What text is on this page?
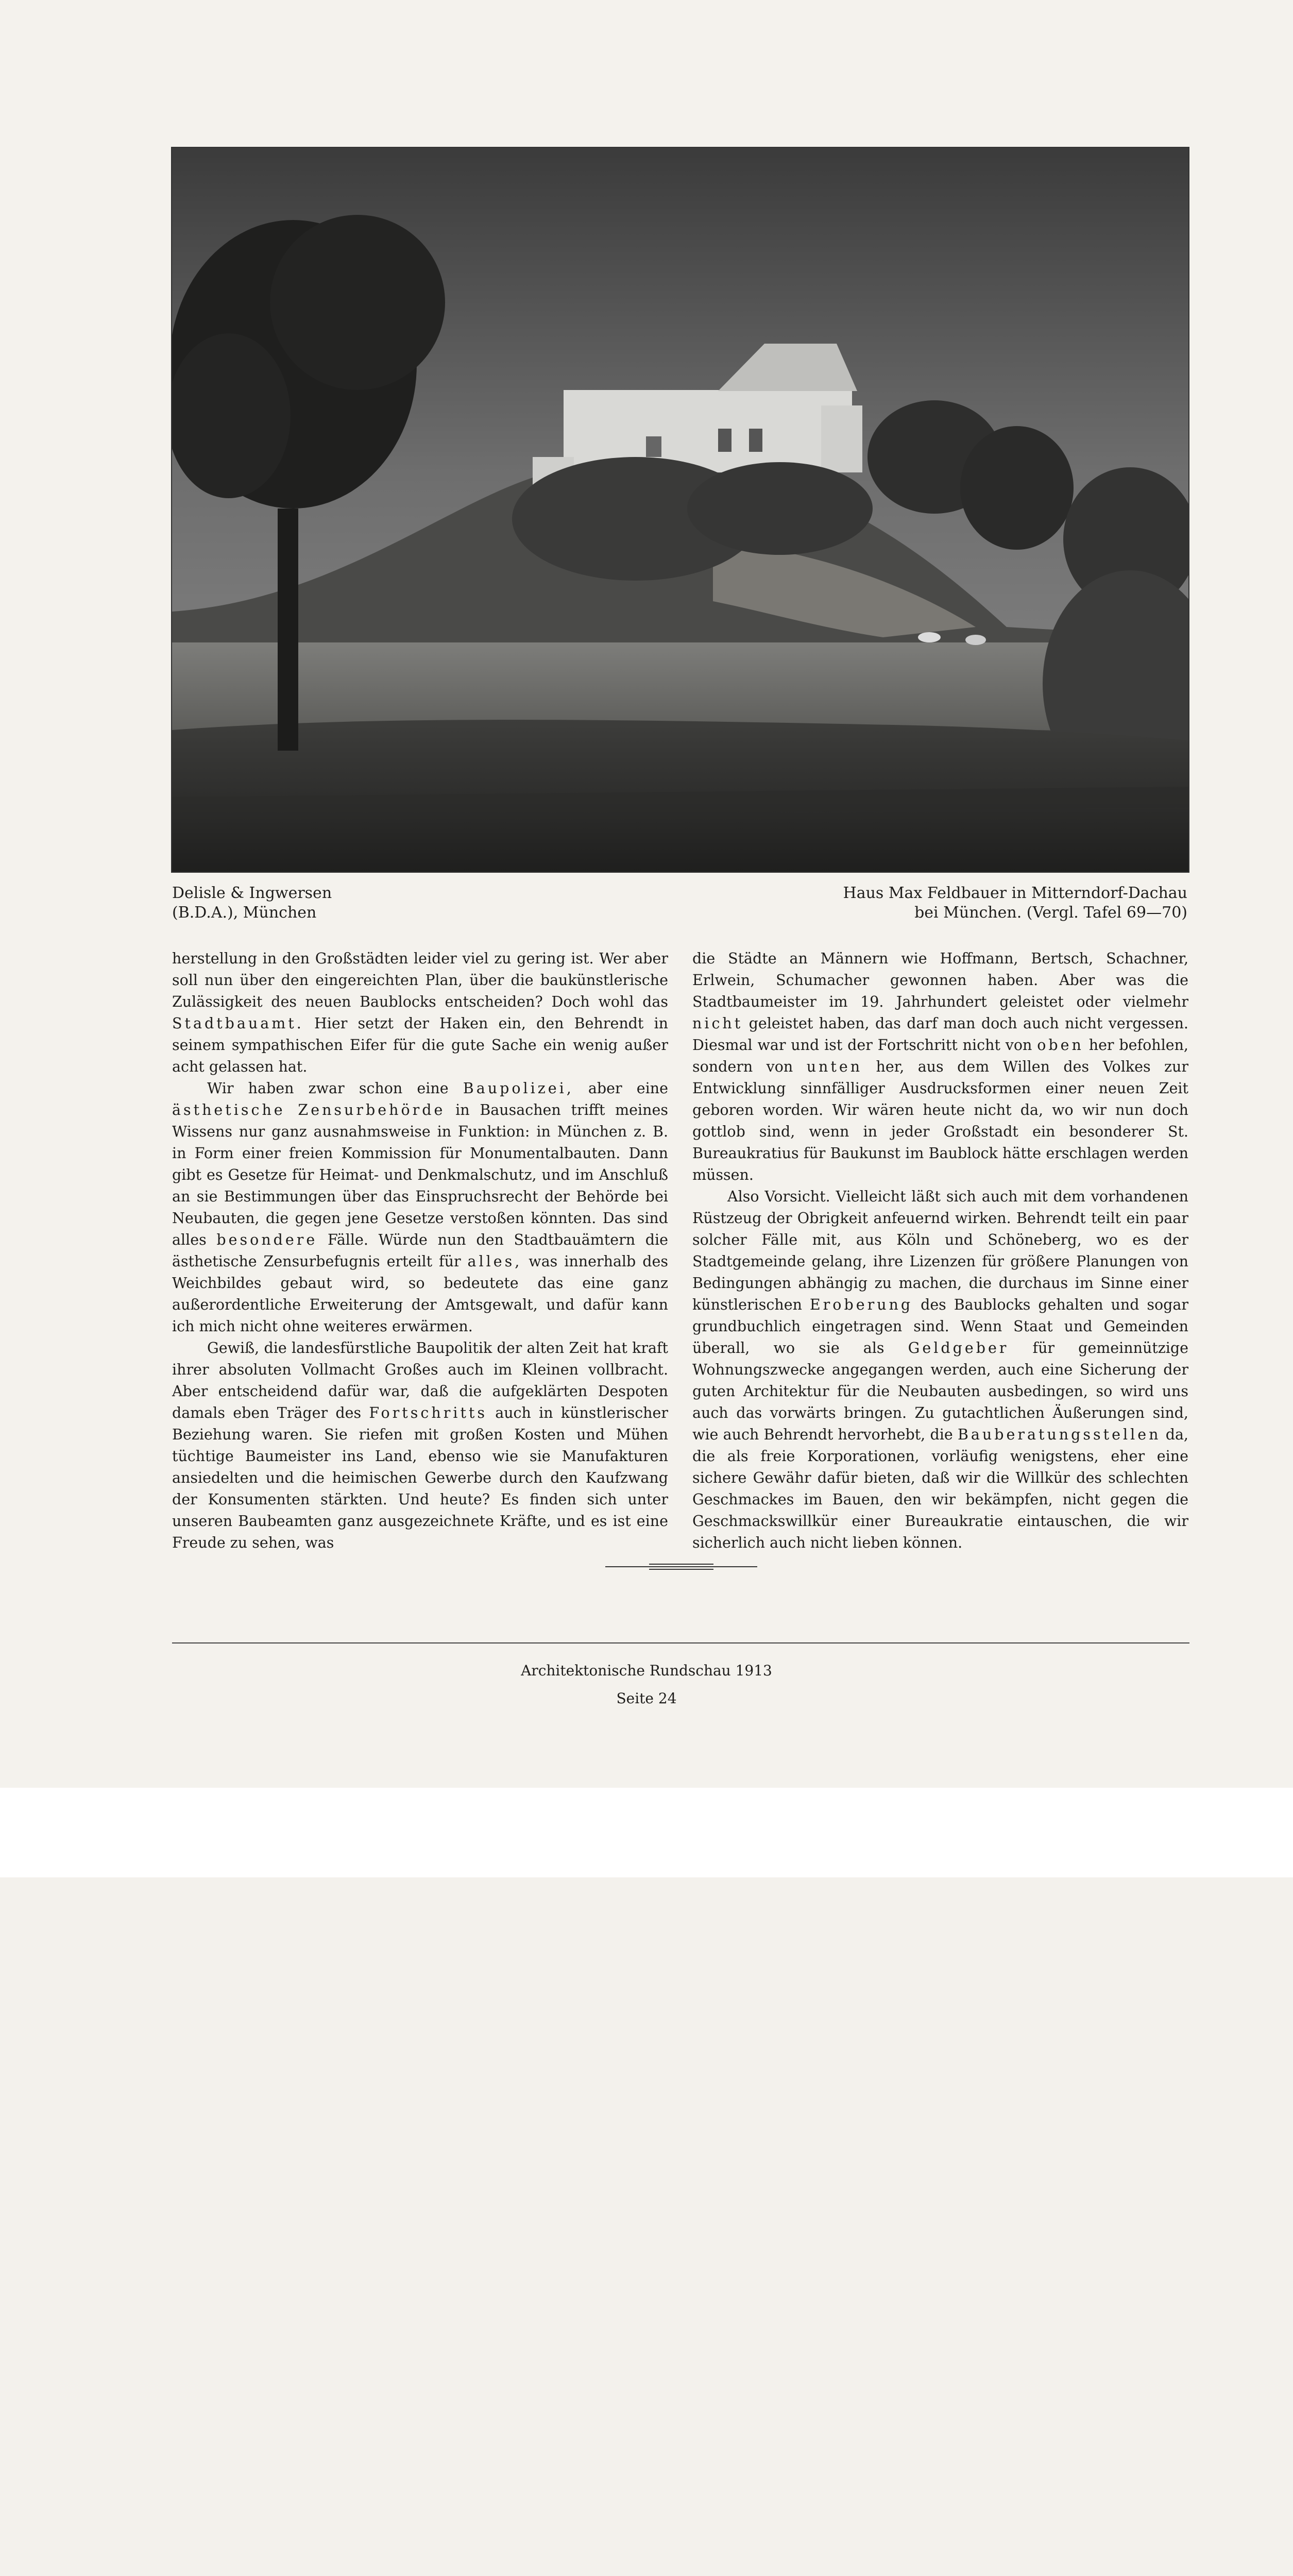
Delisle & Ingwersen
(B.D.A.), München
Haus Max Feldbauer in Mitterndorf-Dachau
bei München. (Vergl. Tafel 69—70)

herstellung in den Großstädten leider viel zu gering ist. Wer aber soll nun über den eingereichten Plan, über die baukünstlerische Zulässigkeit des neuen Baublocks entscheiden? Doch wohl das Stadtbauamt. Hier setzt der Haken ein, den Behrendt in seinem sympathischen Eifer für die gute Sache ein wenig außer acht gelassen hat.

Wir haben zwar schon eine Baupolizei, aber eine ästhetische Zensurbehörde in Bausachen trifft meines Wissens nur ganz ausnahmsweise in Funktion: in München z. B. in Form einer freien Kommission für Monumentalbauten. Dann gibt es Gesetze für Heimat- und Denkmalschutz, und im Anschluß an sie Bestimmungen über das Einspruchsrecht der Behörde bei Neubauten, die gegen jene Gesetze verstoßen könnten. Das sind alles besondere Fälle. Würde nun den Stadtbauämtern die ästhetische Zensurbefugnis erteilt für alles, was innerhalb des Weichbildes gebaut wird, so bedeutete das eine ganz außerordentliche Erweiterung der Amtsgewalt, und dafür kann ich mich nicht ohne weiteres erwärmen.

Gewiß, die landesfürstliche Baupolitik der alten Zeit hat kraft ihrer absoluten Vollmacht Großes auch im Kleinen vollbracht. Aber entscheidend dafür war, daß die aufgeklärten Despoten damals eben Träger des Fortschritts auch in künstlerischer Beziehung waren. Sie riefen mit großen Kosten und Mühen tüchtige Baumeister ins Land, ebenso wie sie Manufakturen ansiedelten und die heimischen Gewerbe durch den Kaufzwang der Konsumenten stärkten. Und heute? Es finden sich unter unseren Baubeamten ganz ausgezeichnete Kräfte, und es ist eine Freude zu sehen, was

die Städte an Männern wie Hoffmann, Bertsch, Schachner, Erlwein, Schumacher gewonnen haben. Aber was die Stadtbaumeister im 19. Jahrhundert geleistet oder vielmehr nicht geleistet haben, das darf man doch auch nicht vergessen. Diesmal war und ist der Fortschritt nicht von oben her befohlen, sondern von unten her, aus dem Willen des Volkes zur Entwicklung sinnfälliger Ausdrucksformen einer neuen Zeit geboren worden. Wir wären heute nicht da, wo wir nun doch gottlob sind, wenn in jeder Großstadt ein besonderer St. Bureaukratius für Baukunst im Baublock hätte erschlagen werden müssen.

Also Vorsicht. Vielleicht läßt sich auch mit dem vorhandenen Rüstzeug der Obrigkeit anfeuernd wirken. Behrendt teilt ein paar solcher Fälle mit, aus Köln und Schöneberg, wo es der Stadtgemeinde gelang, ihre Lizenzen für größere Planungen von Bedingungen abhängig zu machen, die durchaus im Sinne einer künstlerischen Eroberung des Baublocks gehalten und sogar grundbuchlich eingetragen sind. Wenn Staat und Gemeinden überall, wo sie als Geldgeber für gemeinnützige Wohnungszwecke angegangen werden, auch eine Sicherung der guten Architektur für die Neubauten ausbedingen, so wird uns auch das vorwärts bringen. Zu gutachtlichen Äußerungen sind, wie auch Behrendt hervorhebt, die Bauberatungsstellen da, die als freie Korporationen, vorläufig wenigstens, eher eine sichere Gewähr dafür bieten, daß wir die Willkür des schlechten Geschmackes im Bauen, den wir bekämpfen, nicht gegen die Geschmackswillkür einer Bureaukratie eintauschen, die wir sicherlich auch nicht lieben können.

Architektonische Rundschau 1913
Seite 24
